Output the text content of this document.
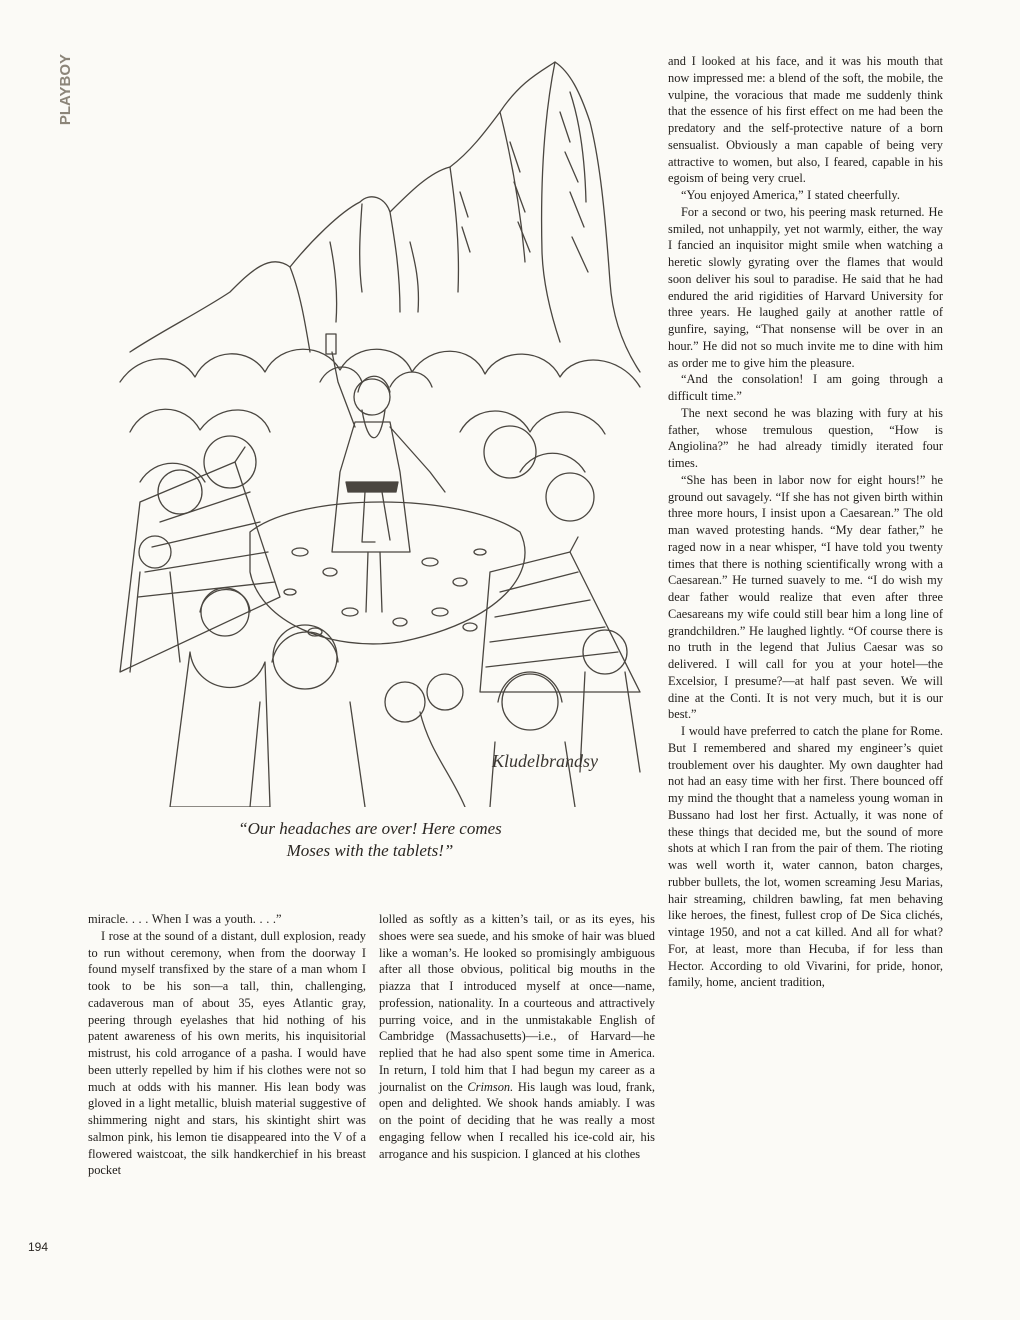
PLAYBOY
Kludelbrandsy
“Our headaches are over! Here comes
Moses with the tablets!”

miracle. . . . When I was a youth. . . .”

I rose at the sound of a distant, dull explosion, ready to run without ceremony, when from the doorway I found myself transfixed by the stare of a man whom I took to be his son—a tall, thin, challenging, cadaverous man of about 35, eyes Atlantic gray, peering through eyelashes that hid nothing of his patent awareness of his own merits, his inquisitorial mistrust, his cold arrogance of a pasha. I would have been utterly repelled by him if his clothes were not so much at odds with his manner. His lean body was gloved in a light metallic, bluish material suggestive of shimmering night and stars, his skintight shirt was salmon pink, his lemon tie disappeared into the V of a flowered waistcoat, the silk handkerchief in his breast pocket

lolled as softly as a kitten’s tail, or as its eyes, his shoes were sea suede, and his smoke of hair was blued like a woman’s. He looked so promisingly ambiguous after all those obvious, political big mouths in the piazza that I introduced myself at once—name, profession, nationality. In a courteous and attractively purring voice, and in the unmistakable English of Cambridge (Massachusetts)—i.e., of Harvard—he replied that he had also spent some time in America. In return, I told him that I had begun my career as a journalist on the Crimson. His laugh was loud, frank, open and delighted. We shook hands amiably. I was on the point of deciding that he was really a most engaging fellow when I recalled his ice-cold air, his arrogance and his suspicion. I glanced at his clothes

and I looked at his face, and it was his mouth that now impressed me: a blend of the soft, the mobile, the vulpine, the voracious that made me suddenly think that the essence of his first effect on me had been the predatory and the self-protective nature of a born sensualist. Obviously a man capable of being very attractive to women, but also, I feared, capable in his egoism of being very cruel.

“You enjoyed America,” I stated cheerfully.

For a second or two, his peering mask returned. He smiled, not unhappily, yet not warmly, either, the way I fancied an inquisitor might smile when watching a heretic slowly gyrating over the flames that would soon deliver his soul to paradise. He said that he had endured the arid rigidities of Harvard University for three years. He laughed gaily at another rattle of gunfire, saying, “That nonsense will be over in an hour.” He did not so much invite me to dine with him as order me to give him the pleasure.

“And the consolation! I am going through a difficult time.”

The next second he was blazing with fury at his father, whose tremulous question, “How is Angiolina?” he had already timidly iterated four times.

“She has been in labor now for eight hours!” he ground out savagely. “If she has not given birth within three more hours, I insist upon a Caesarean.” The old man waved protesting hands. “My dear father,” he raged now in a near whisper, “I have told you twenty times that there is nothing scientifically wrong with a Caesarean.” He turned suavely to me. “I do wish my dear father would realize that even after three Caesareans my wife could still bear him a long line of grandchildren.” He laughed lightly. “Of course there is no truth in the legend that Julius Caesar was so delivered. I will call for you at your hotel—the Excelsior, I presume?—at half past seven. We will dine at the Conti. It is not very much, but it is our best.”

I would have preferred to catch the plane for Rome. But I remembered and shared my engineer’s quiet troublement over his daughter. My own daughter had not had an easy time with her first. There bounced off my mind the thought that a nameless young woman in Bussano had lost her first. Actually, it was none of these things that decided me, but the sound of more shots at which I ran from the pair of them. The rioting was well worth it, water cannon, baton charges, rubber bullets, the lot, women screaming Jesu Marias, hair streaming, children bawling, fat men behaving like heroes, the finest, fullest crop of De Sica clichés, vintage 1950, and not a cat killed. And all for what? For, at least, more than Hecuba, if for less than Hector. According to old Vivarini, for pride, honor, family, home, ancient tradition,

194
